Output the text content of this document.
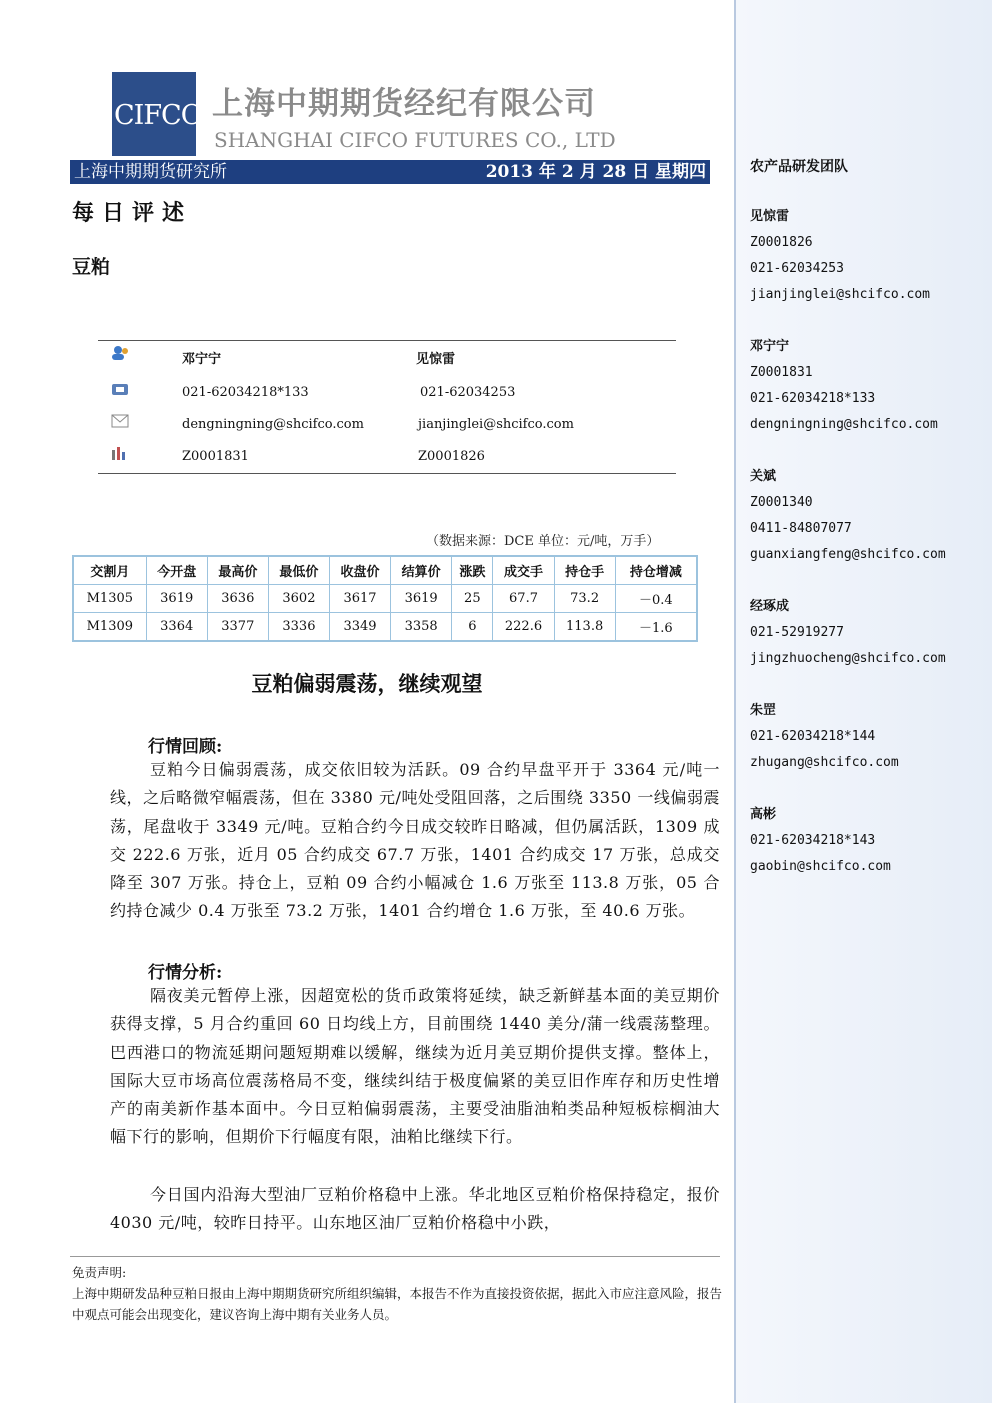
CIFCO 上海中期期货经纪有限公司
SHANGHAI CIFCO FUTURES CO., LTD
上海中期期货研究所	2013 年 2 月 28 日 星期四
每日评述
豆粕
邓宁宁	见惊雷
021-62034218*133	021-62034253
dengningning@shcifco.com	jianjinglei@shcifco.com
Z0001831	Z0001826
（数据来源：DCE 单位：元/吨，万手）
交割月	今开盘	最高价	最低价	收盘价	结算价	涨跌	成交手	持仓手	持仓增减
M1305	3619	3636	3602	3617	3619	25	67.7	73.2	－0.4
M1309	3364	3377	3336	3349	3358	6	222.6	113.8	－1.6
豆粕偏弱震荡，继续观望
行情回顾:
豆粕今日偏弱震荡，成交依旧较为活跃。09 合约早盘平开于 3364 元/吨一线，之后略微窄幅震荡，但在 3380 元/吨处受阻回落，之后围绕 3350 一线偏弱震荡，尾盘收于 3349 元/吨。豆粕合约今日成交较昨日略减，但仍属活跃，1309 成交 222.6 万张，近月 05 合约成交 67.7 万张，1401 合约成交 17 万张，总成交降至 307 万张。持仓上，豆粕 09 合约小幅减仓 1.6 万张至 113.8 万张，05 合约持仓减少 0.4 万张至 73.2 万张，1401 合约增仓 1.6 万张，至 40.6 万张。
行情分析:
隔夜美元暂停上涨，因超宽松的货币政策将延续，缺乏新鲜基本面的美豆期价获得支撑，5 月合约重回 60 日均线上方，目前围绕 1440 美分/蒲一线震荡整理。巴西港口的物流延期问题短期难以缓解，继续为近月美豆期价提供支撑。整体上，国际大豆市场高位震荡格局不变，继续纠结于极度偏紧的美豆旧作库存和历史性增产的南美新作基本面中。今日豆粕偏弱震荡，主要受油脂油粕类品种短板棕榈油大幅下行的影响，但期价下行幅度有限，油粕比继续下行。
今日国内沿海大型油厂豆粕价格稳中上涨。华北地区豆粕价格保持稳定，报价 4030 元/吨，较昨日持平。山东地区油厂豆粕价格稳中小跌，
免责声明:
上海中期研发品种豆粕日报由上海中期期货研究所组织编辑，本报告不作为直接投资依据，据此入市应注意风险，报告中观点可能会出现变化，建议咨询上海中期有关业务人员。
农产品研发团队
见惊雷
Z0001826
021-62034253
jianjinglei@shcifco.com
邓宁宁
Z0001831
021-62034218*133
dengningning@shcifco.com
关斌
Z0001340
0411-84807077
guanxiangfeng@shcifco.com
经琢成
021-52919277
jingzhuocheng@shcifco.com
朱罡
021-62034218*144
zhugang@shcifco.com
高彬
021-62034218*143
gaobin@shcifco.com
